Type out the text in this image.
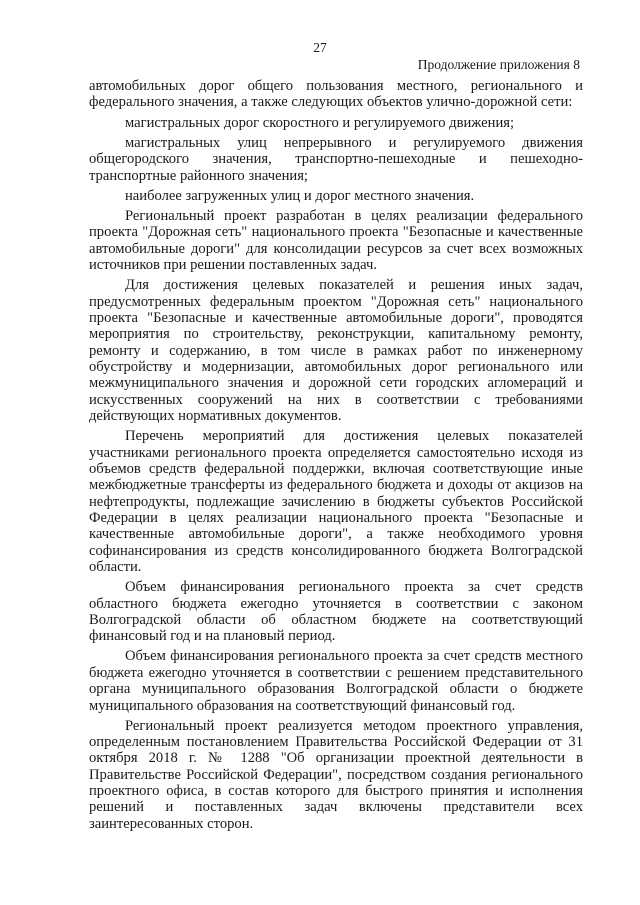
27
Продолжение приложения 8

автомобильных дорог общего пользования местного, регионального и федерального значения, а также следующих объектов улично-дорожной сети:

магистральных дорог скоростного и регулируемого движения;

магистральных улиц непрерывного и регулируемого движения общегородского значения, транспортно-пешеходные и пешеходно-транспортные районного значения;

наиболее загруженных улиц и дорог местного значения.

Региональный проект разработан в целях реализации федерального проекта "Дорожная сеть" национального проекта "Безопасные и качественные автомобильные дороги" для консолидации ресурсов за счет всех возможных источников при решении поставленных задач.

Для достижения целевых показателей и решения иных задач, предусмотренных федеральным проектом "Дорожная сеть" национального проекта "Безопасные и качественные автомобильные дороги", проводятся мероприятия по строительству, реконструкции, капитальному ремонту, ремонту и содержанию, в том числе в рамках работ по инженерному обустройству и модернизации, автомобильных дорог регионального или межмуниципального значения и дорожной сети городских агломераций и искусственных сооружений на них в соответствии с требованиями действующих нормативных документов.

Перечень мероприятий для достижения целевых показателей участниками регионального проекта определяется самостоятельно исходя из объемов средств федеральной поддержки, включая соответствующие иные межбюджетные трансферты из федерального бюджета и доходы от акцизов на нефтепродукты, подлежащие зачислению в бюджеты субъектов Российской Федерации в целях реализации национального проекта "Безопасные и качественные автомобильные дороги", а также необходимого уровня софинансирования из средств консолидированного бюджета Волгоградской области.

Объем финансирования регионального проекта за счет средств областного бюджета ежегодно уточняется в соответствии с законом Волгоградской области об областном бюджете на соответствующий финансовый год и на плановый период.

Объем финансирования регионального проекта за счет средств местного бюджета ежегодно уточняется в соответствии с решением представительного органа муниципального образования Волгоградской области о бюджете муниципального образования на соответствующий финансовый год.

Региональный проект реализуется методом проектного управления, определенным постановлением Правительства Российской Федерации от 31 октября 2018 г. № 1288 "Об организации проектной деятельности в Правительстве Российской Федерации", посредством создания регионального проектного офиса, в состав которого для быстрого принятия и исполнения решений и поставленных задач включены представители всех заинтересованных сторон.
